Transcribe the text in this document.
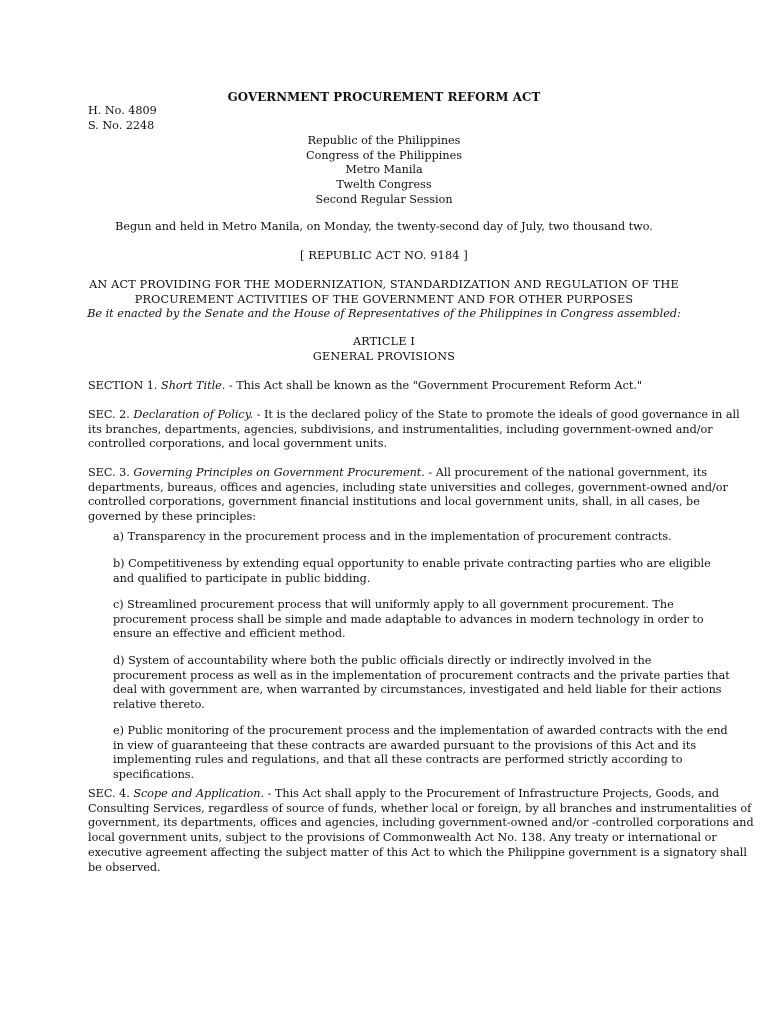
GOVERNMENT PROCUREMENT REFORM ACT
H. No. 4809
S. No. 2248
Republic of the Philippines
Congress of the Philippines
Metro Manila
Twelth Congress
Second Regular Session
Begun and held in Metro Manila, on Monday, the twenty-second day of July, two thousand two.
[ REPUBLIC ACT NO. 9184 ]
AN ACT PROVIDING FOR THE MODERNIZATION, STANDARDIZATION AND REGULATION OF THE
PROCUREMENT ACTIVITIES OF THE GOVERNMENT AND FOR OTHER PURPOSES
Be it enacted by the Senate and the House of Representatives of the Philippines in Congress assembled:
ARTICLE I
GENERAL PROVISIONS
SECTION 1. Short Title. - This Act shall be known as the "Government Procurement Reform Act."
SEC. 2. Declaration of Policy. - It is the declared policy of the State to promote the ideals of good governance in all
its branches, departments, agencies, subdivisions, and instrumentalities, including government-owned and/or
controlled corporations, and local government units.
SEC. 3. Governing Principles on Government Procurement. - All procurement of the national government, its
departments, bureaus, offices and agencies, including state universities and colleges, government-owned and/or
controlled corporations, government financial institutions and local government units, shall, in all cases, be
governed by these principles:
a) Transparency in the procurement process and in the implementation of procurement contracts.
b) Competitiveness by extending equal opportunity to enable private contracting parties who are eligible
and qualified to participate in public bidding.
c) Streamlined procurement process that will uniformly apply to all government procurement. The
procurement process shall be simple and made adaptable to advances in modern technology in order to
ensure an effective and efficient method.
d) System of accountability where both the public officials directly or indirectly involved in the
procurement process as well as in the implementation of procurement contracts and the private parties that
deal with government are, when warranted by circumstances, investigated and held liable for their actions
relative thereto.
e) Public monitoring of the procurement process and the implementation of awarded contracts with the end
in view of guaranteeing that these contracts are awarded pursuant to the provisions of this Act and its
implementing rules and regulations, and that all these contracts are performed strictly according to
specifications.
SEC. 4. Scope and Application. - This Act shall apply to the Procurement of Infrastructure Projects, Goods, and
Consulting Services, regardless of source of funds, whether local or foreign, by all branches and instrumentalities of
government, its departments, offices and agencies, including government-owned and/or -controlled corporations and
local government units, subject to the provisions of Commonwealth Act No. 138. Any treaty or international or
executive agreement affecting the subject matter of this Act to which the Philippine government is a signatory shall
be observed.
